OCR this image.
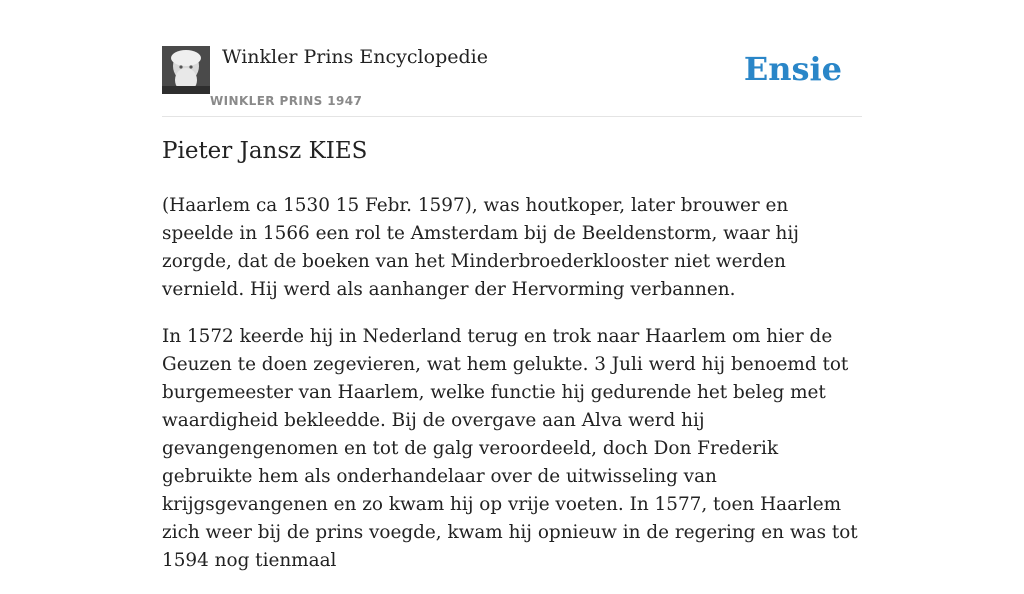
Winkler Prins Encyclopedie
WINKLER PRINS 1947
Ensie
Pieter Jansz KIES

(Haarlem ca 1530 15 Febr. 1597), was houtkoper, later brouwer en speelde in 1566 een rol te Amsterdam bij de Beeldenstorm, waar hij zorgde, dat de boeken van het Minderbroederklooster niet werden vernield. Hij werd als aanhanger der Hervorming verbannen.

In 1572 keerde hij in Nederland terug en trok naar Haarlem om hier de Geuzen te doen zegevieren, wat hem gelukte. 3 Juli werd hij benoemd tot burgemeester van Haarlem, welke functie hij gedurende het beleg met waardigheid bekleedde. Bij de overgave aan Alva werd hij gevangengenomen en tot de galg veroordeeld, doch Don Frederik gebruikte hem als onderhandelaar over de uitwisseling van krijgsgevangenen en zo kwam hij op vrije voeten. In 1577, toen Haarlem zich weer bij de prins voegde, kwam hij opnieuw in de regering en was tot 1594 nog tienmaal
